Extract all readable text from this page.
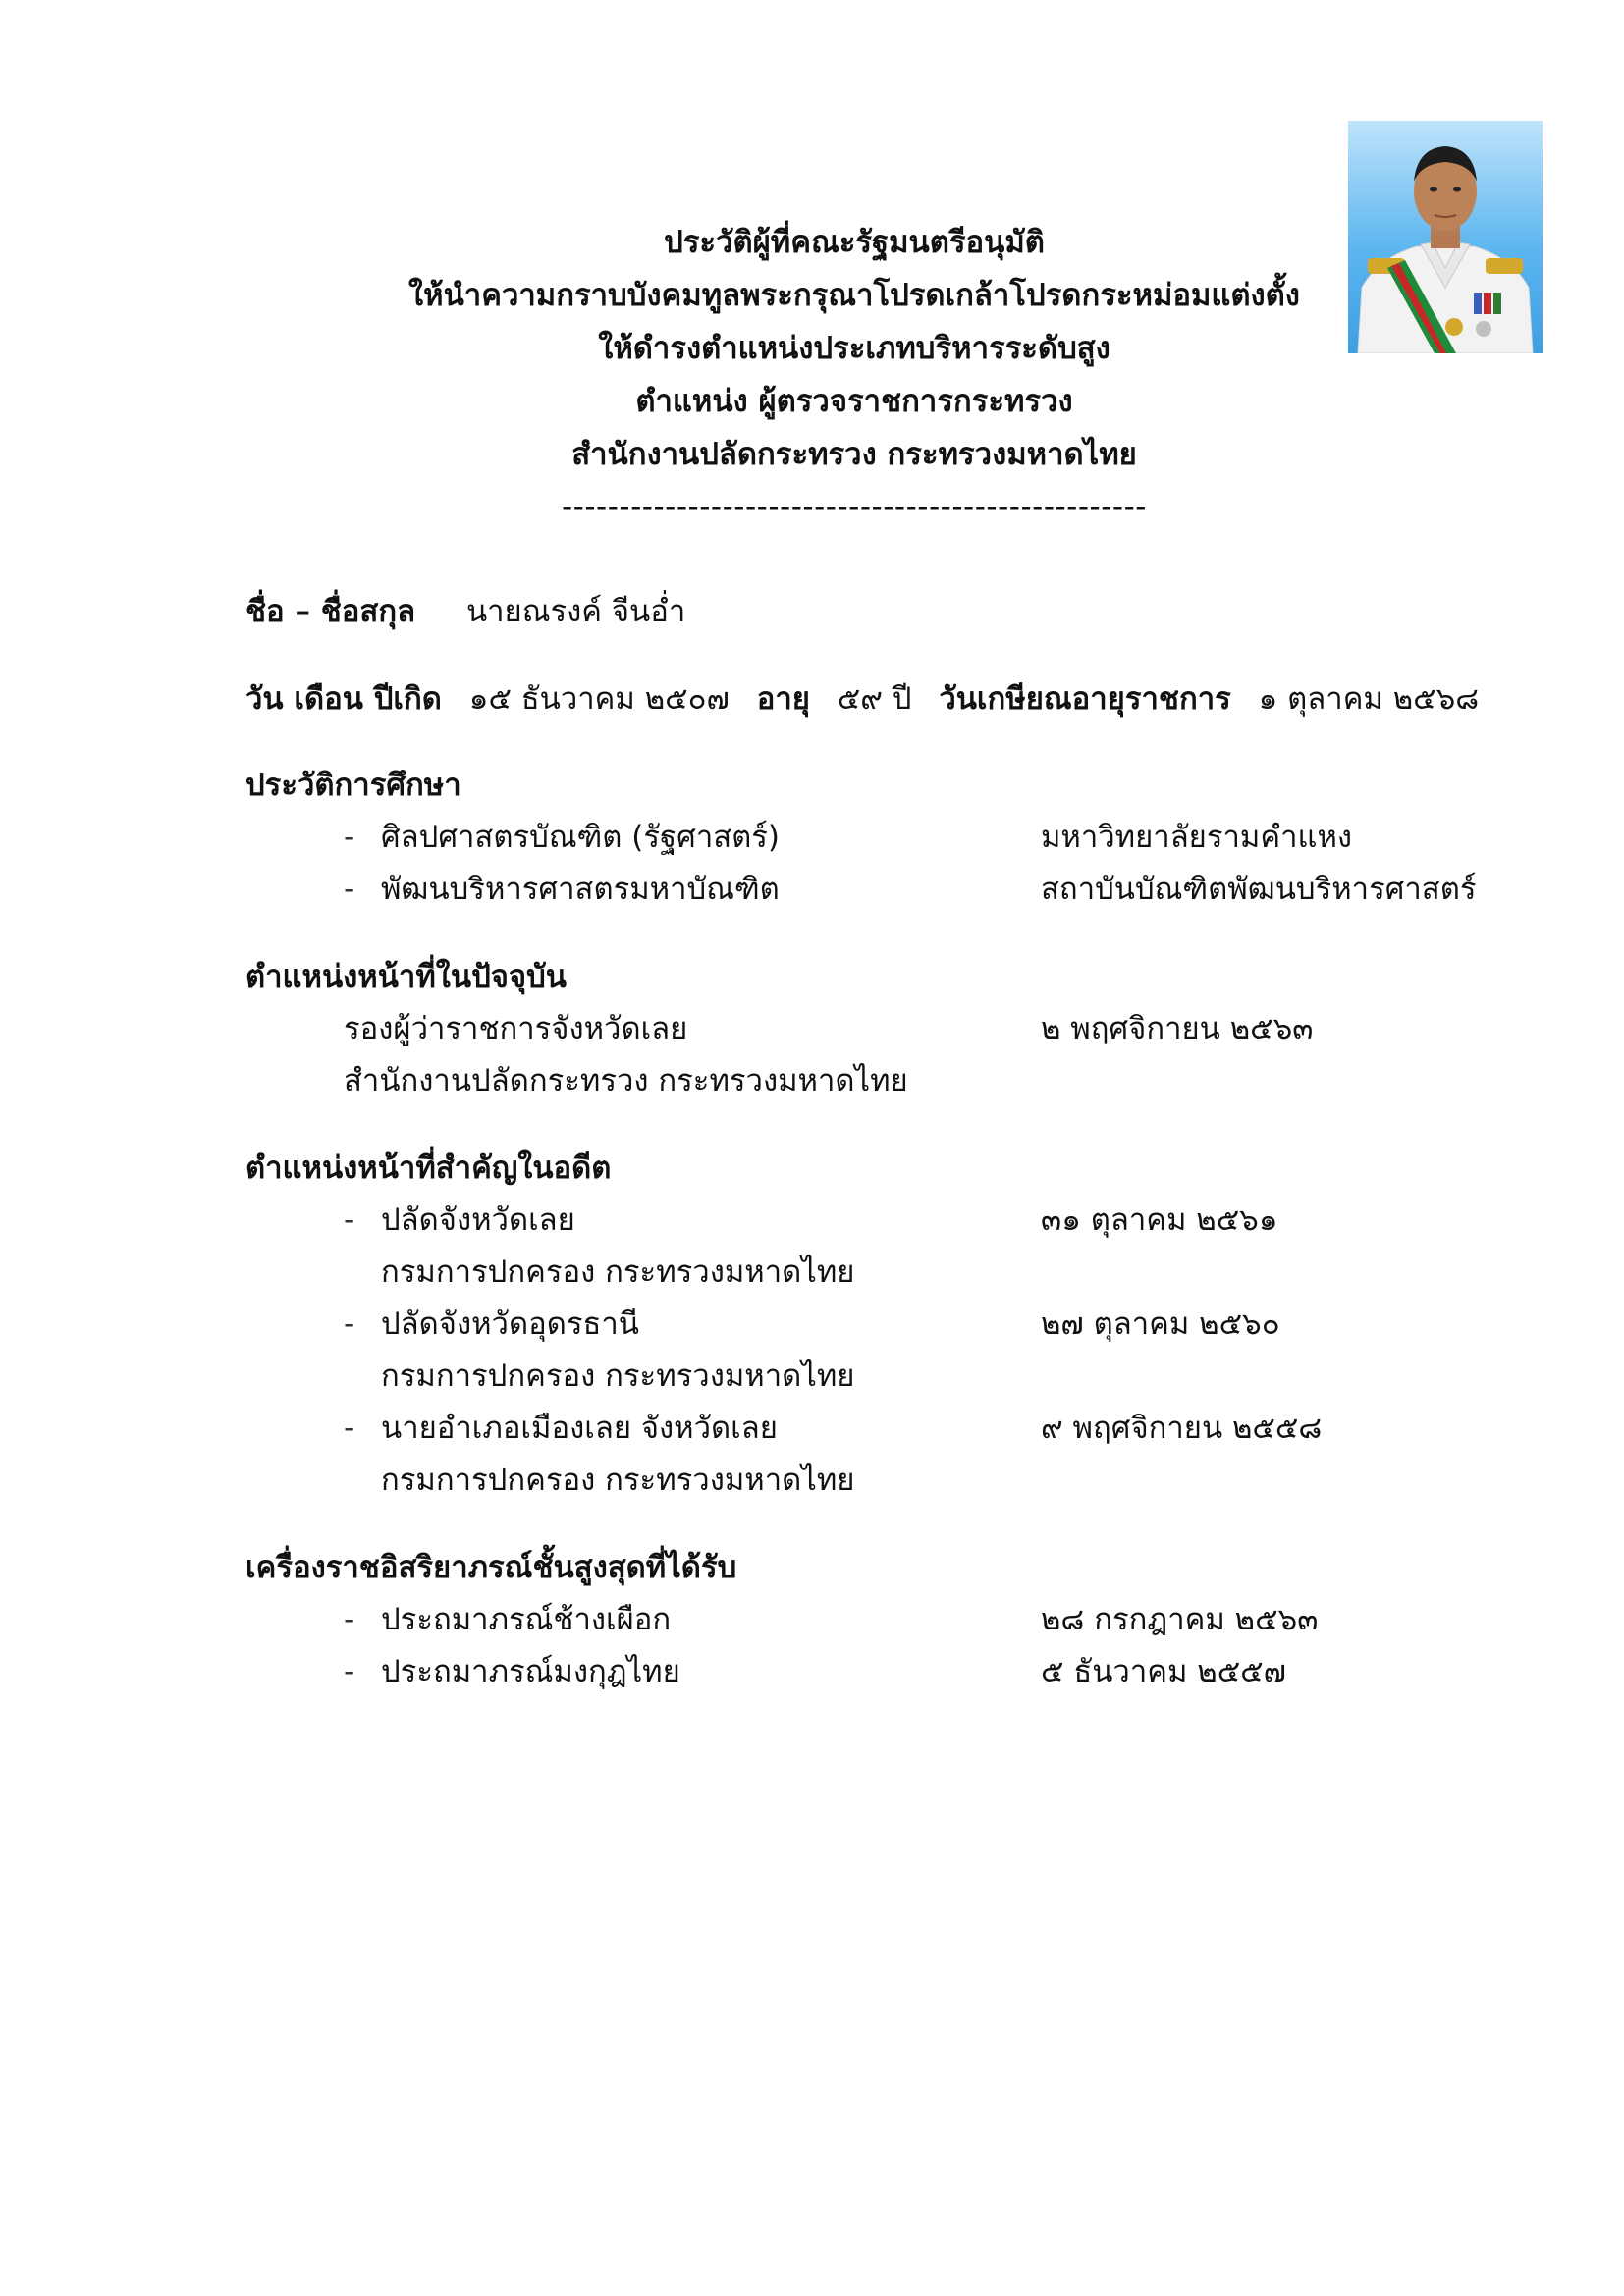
ประวัติผู้ที่คณะรัฐมนตรีอนุมัติ
ให้นำความกราบบังคมทูลพระกรุณาโปรดเกล้าโปรดกระหม่อมแต่งตั้ง
ให้ดำรงตำแหน่งประเภทบริหารระดับสูง
ตำแหน่ง ผู้ตรวจราชการกระทรวง
สำนักงานปลัดกระทรวง กระทรวงมหาดไทย
---------------------------------------------------
ชื่อ – ชื่อสกุล นายณรงค์ จีนอ่ำ
วัน เดือน ปีเกิด ๑๕ ธันวาคม ๒๕๐๗ อายุ ๕๙ ปี วันเกษียณอายุราชการ ๑ ตุลาคม ๒๕๖๘
ประวัติการศึกษา
- ศิลปศาสตรบัณฑิต (รัฐศาสตร์)	มหาวิทยาลัยรามคำแหง
- พัฒนบริหารศาสตรมหาบัณฑิต	สถาบันบัณฑิตพัฒนบริหารศาสตร์
ตำแหน่งหน้าที่ในปัจจุบัน
รองผู้ว่าราชการจังหวัดเลย	๒ พฤศจิกายน ๒๕๖๓
สำนักงานปลัดกระทรวง กระทรวงมหาดไทย
ตำแหน่งหน้าที่สำคัญในอดีต
- ปลัดจังหวัดเลย	๓๑ ตุลาคม ๒๕๖๑
กรมการปกครอง กระทรวงมหาดไทย
- ปลัดจังหวัดอุดรธานี	๒๗ ตุลาคม ๒๕๖๐
กรมการปกครอง กระทรวงมหาดไทย
- นายอำเภอเมืองเลย จังหวัดเลย	๙ พฤศจิกายน ๒๕๕๘
กรมการปกครอง กระทรวงมหาดไทย
เครื่องราชอิสริยาภรณ์ชั้นสูงสุดที่ได้รับ
- ประถมาภรณ์ช้างเผือก	๒๘ กรกฎาคม ๒๕๖๓
- ประถมาภรณ์มงกุฎไทย	๕ ธันวาคม ๒๕๕๗
